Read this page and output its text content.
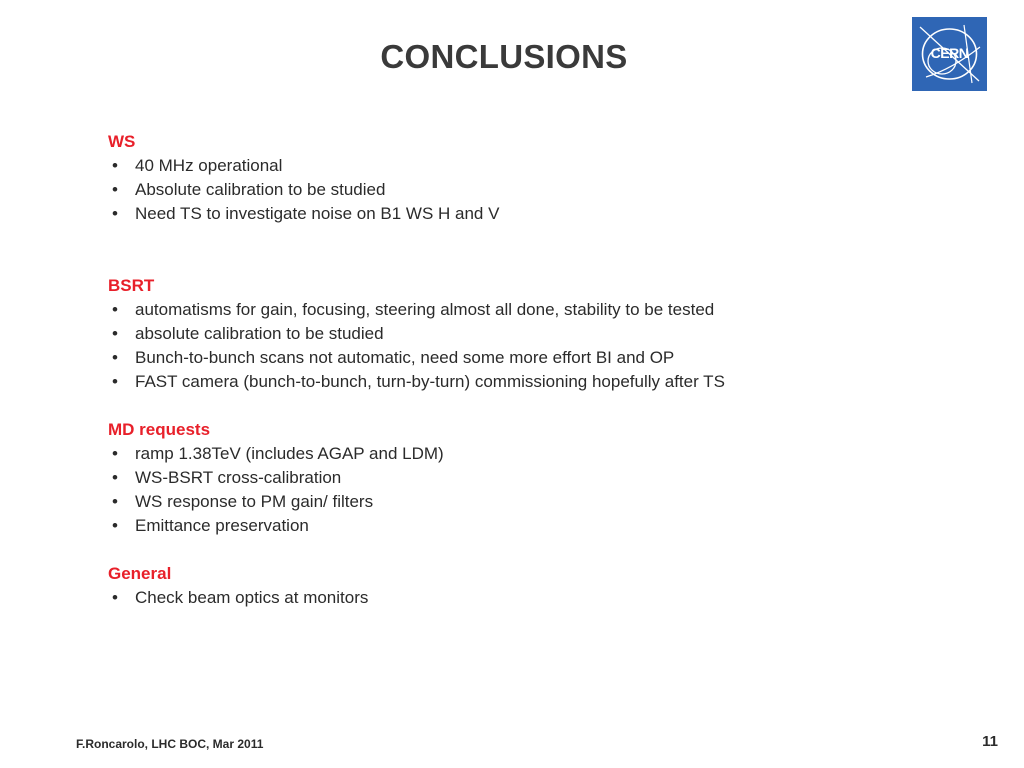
CONCLUSIONS	CERN
WS
• 40 MHz operational
• Absolute calibration to be studied
• Need TS to investigate noise on B1 WS H and V
BSRT
• automatisms for gain, focusing, steering almost all done, stability to be tested
• absolute calibration to be studied
• Bunch-to-bunch scans not automatic, need some more effort BI and OP
• FAST camera (bunch-to-bunch, turn-by-turn) commissioning hopefully after TS
MD requests
• ramp 1.38TeV (includes AGAP and LDM)
• WS-BSRT cross-calibration
• WS response to PM gain/ filters
• Emittance preservation
General
• Check beam optics at monitors
F.Roncarolo, LHC BOC, Mar 2011	11
